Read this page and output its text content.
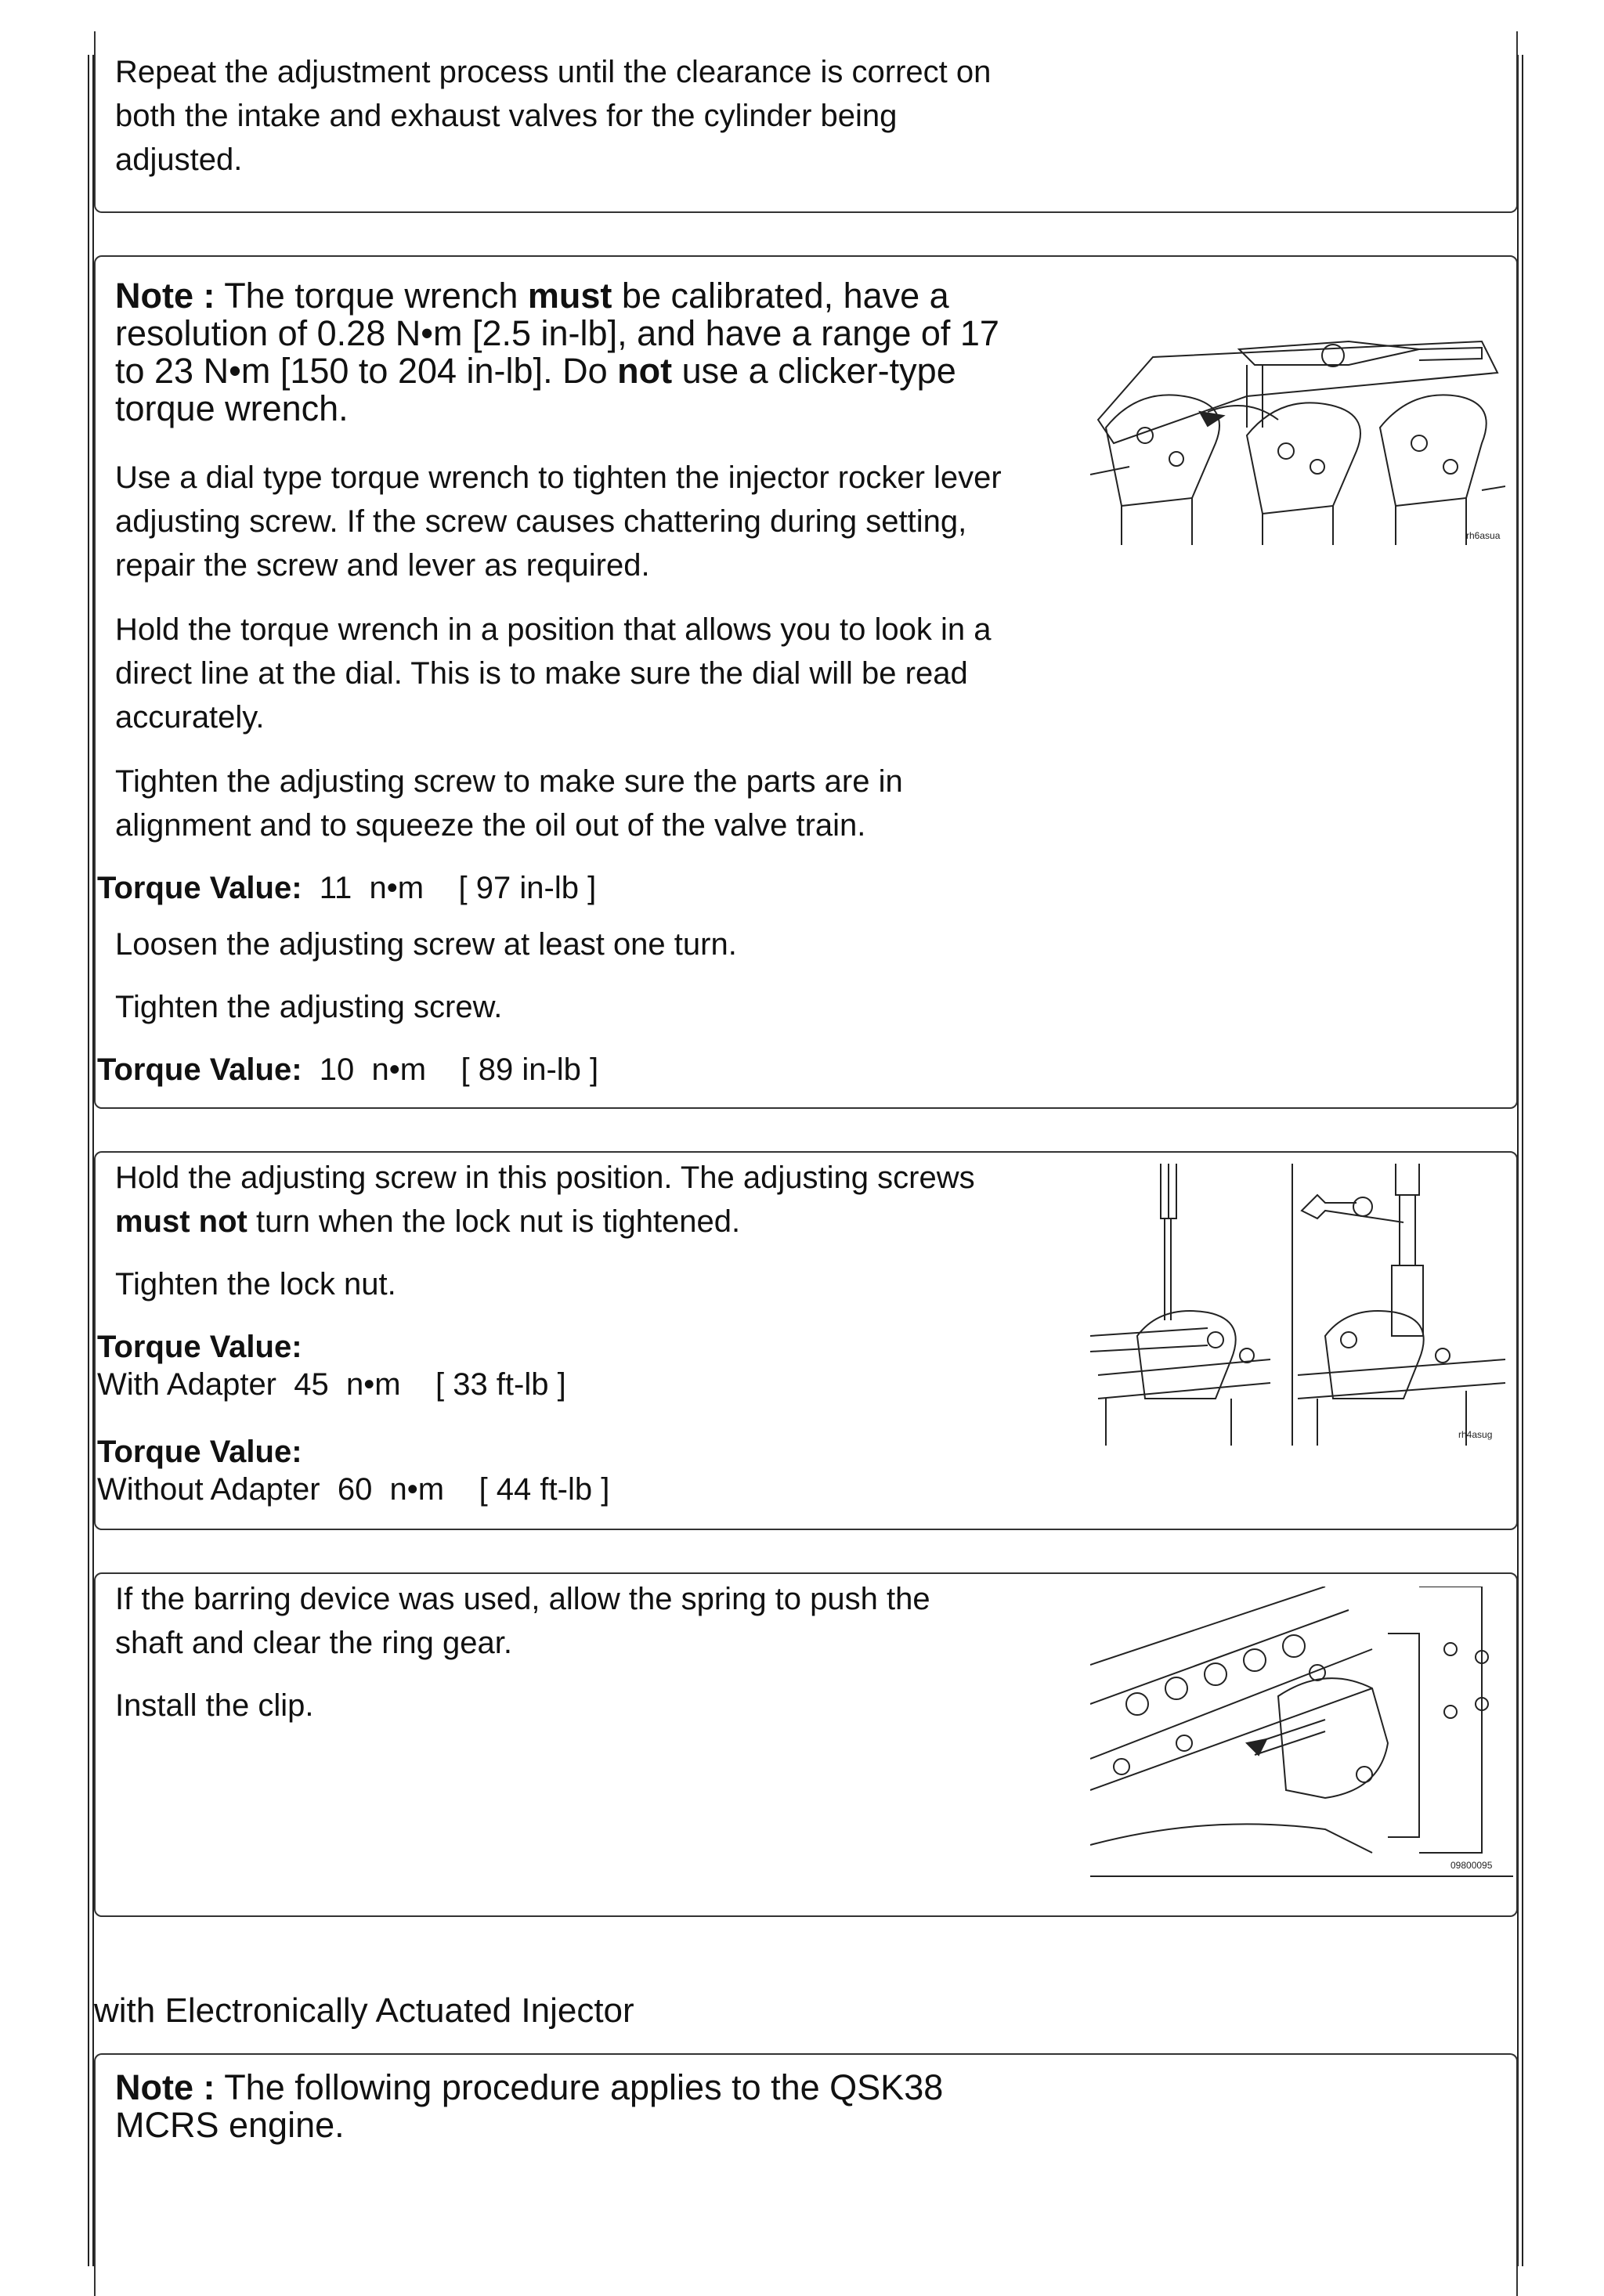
Repeat the adjustment process until the clearance is correct on
both the intake and exhaust valves for the cylinder being
adjusted.

Note : The torque wrench must be calibrated, have a
resolution of 0.28 N•m [2.5 in-lb], and have a range of 17
to 23 N•m [150 to 204 in-lb]. Do not use a clicker-type
torque wrench.

Use a dial type torque wrench to tighten the injector rocker lever
adjusting screw. If the screw causes chattering during setting,
repair the screw and lever as required.

Hold the torque wrench in a position that allows you to look in a
direct line at the dial. This is to make sure the dial will be read
accurately.

Tighten the adjusting screw to make sure the parts are in
alignment and to squeeze the oil out of the valve train.

Torque Value:  11  n•m    [ 97 in-lb ]

Loosen the adjusting screw at least one turn.

Tighten the adjusting screw.

Torque Value:  10  n•m    [ 89 in-lb ]
rh6asua

Hold the adjusting screw in this position. The adjusting screws
must not turn when the lock nut is tightened.

Tighten the lock nut.

Torque Value:
With Adapter  45  n•m    [ 33 ft-lb ]
Torque Value:
Without Adapter  60  n•m    [ 44 ft-lb ]
rh4asug

If the barring device was used, allow the spring to push the
shaft and clear the ring gear.

Install the clip.

09800095
with Electronically Actuated Injector

Note : The following procedure applies to the QSK38
MCRS engine.
